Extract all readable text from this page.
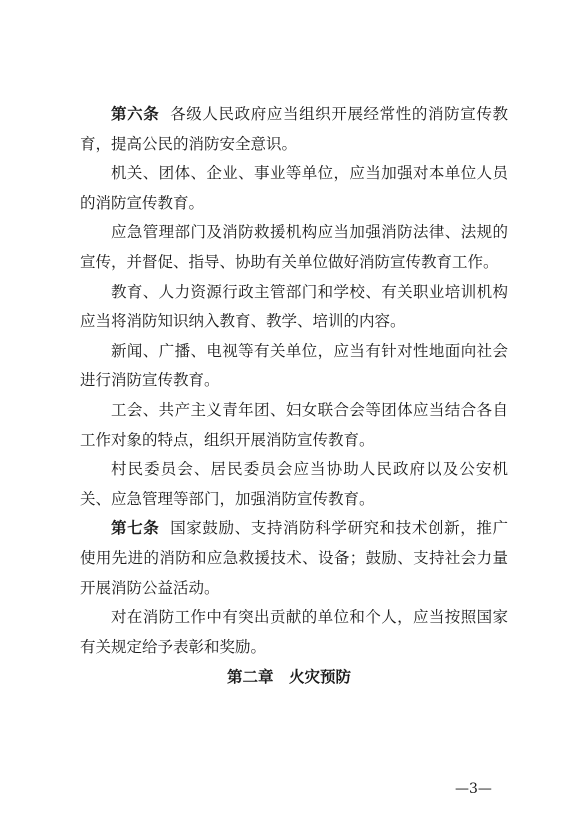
第六条 各级人民政府应当组织开展经常性的消防宣传教育，提高公民的消防安全意识。

机关、团体、企业、事业等单位，应当加强对本单位人员的消防宣传教育。

应急管理部门及消防救援机构应当加强消防法律、法规的宣传，并督促、指导、协助有关单位做好消防宣传教育工作。

教育、人力资源行政主管部门和学校、有关职业培训机构应当将消防知识纳入教育、教学、培训的内容。

新闻、广播、电视等有关单位，应当有针对性地面向社会进行消防宣传教育。

工会、共产主义青年团、妇女联合会等团体应当结合各自工作对象的特点，组织开展消防宣传教育。

村民委员会、居民委员会应当协助人民政府以及公安机关、应急管理等部门，加强消防宣传教育。

第七条 国家鼓励、支持消防科学研究和技术创新，推广使用先进的消防和应急救援技术、设备；鼓励、支持社会力量开展消防公益活动。

对在消防工作中有突出贡献的单位和个人，应当按照国家有关规定给予表彰和奖励。

第二章　火灾预防
—3—
